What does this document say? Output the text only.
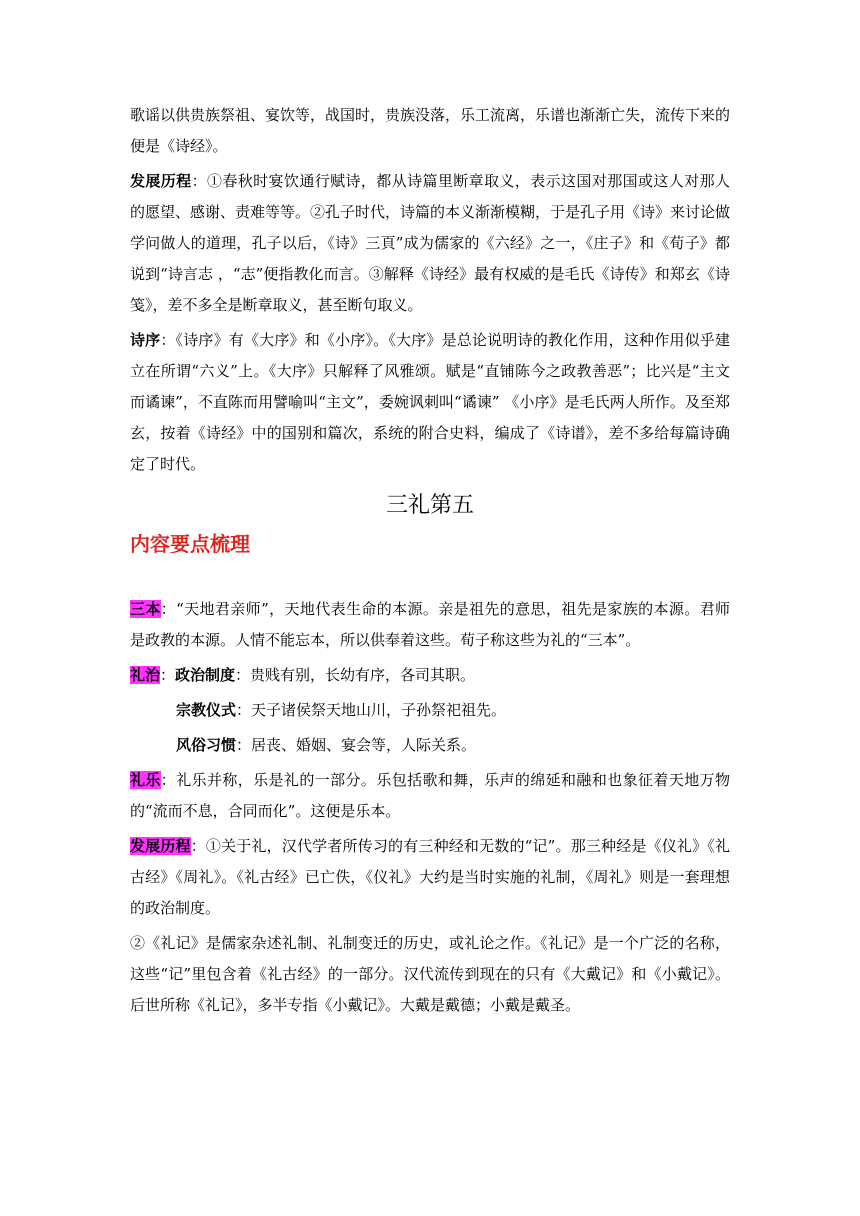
歌谣以供贵族祭祖、宴饮等，战国时，贵族没落，乐工流离，乐谱也渐渐亡失，流传下来的便是《诗经》。

发展历程：①春秋时宴饮通行赋诗，都从诗篇里断章取义，表示这国对那国或这人对那人的愿望、感谢、责难等等。②孔子时代，诗篇的本义渐渐模糊，于是孔子用《诗》来讨论做学问做人的道理，孔子以后，《诗》三頁”成为儒家的《六经》之一，《庄子》和《荀子》都说到“诗言志 ，“志”便指教化而言。③解释《诗经》最有权威的是毛氏《诗传》和郑玄《诗笺》，差不多全是断章取义，甚至断句取义。

诗序：《诗序》有《大序》和《小序》。《大序》是总论说明诗的教化作用，这种作用似乎建立在所谓“六义”上。《大序》只解释了风雅颂。赋是“直铺陈今之政教善恶”；比兴是“主文而谲谏”，不直陈而用譬喻叫“主文”，委婉讽刺叫“谲谏” 《小序》是毛氏两人所作。及至郑玄，按着《诗经》中的国别和篇次，系统的附合史料，编成了《诗谱》，差不多给每篇诗确定了时代。

三礼第五
内容要点梳理

三本：“天地君亲师”，天地代表生命的本源。亲是祖先的意思，祖先是家族的本源。君师是政教的本源。人情不能忘本，所以供奉着这些。荀子称这些为礼的“三本”。

礼治：政治制度：贵贱有别，长幼有序，各司其职。

宗教仪式：天子诸侯祭天地山川，子孙祭祀祖先。

风俗习惯：居丧、婚姻、宴会等，人际关系。

礼乐：礼乐并称，乐是礼的一部分。乐包括歌和舞，乐声的绵延和融和也象征着天地万物的“流而不息，合同而化”。这便是乐本。

发展历程：①关于礼，汉代学者所传习的有三种经和无数的“记”。那三种经是《仪礼》《礼古经》《周礼》。《礼古经》已亡佚，《仪礼》大约是当时实施的礼制，《周礼》则是一套理想的政治制度。

②《礼记》是儒家杂述礼制、礼制变迁的历史，或礼论之作。《礼记》是一个广泛的名称，这些“记”里包含着《礼古经》的一部分。汉代流传到现在的只有《大戴记》和《小戴记》。后世所称《礼记》，多半专指《小戴记》。大戴是戴德；小戴是戴圣。
